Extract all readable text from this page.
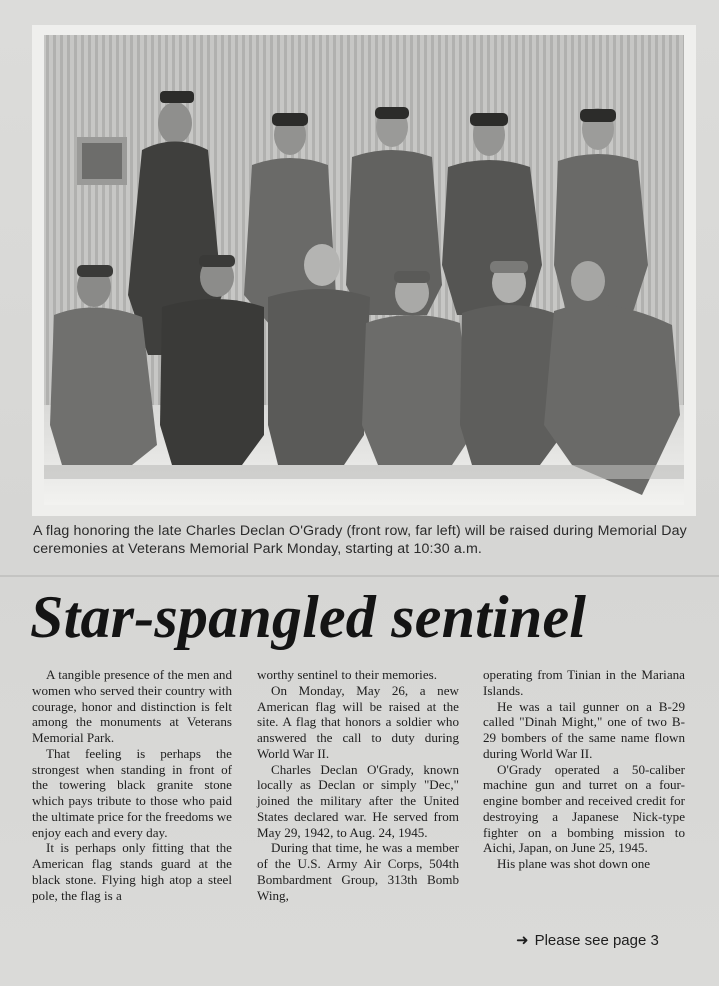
A flag honoring the late Charles Declan O'Grady (front row, far left) will be raised during Memorial Day ceremonies at Veterans Memorial Park Monday, starting at 10:30 a.m.
Star-spangled sentinel

A tangible presence of the men and women who served their country with courage, honor and distinction is felt among the monuments at Veterans Memorial Park.

That feeling is perhaps the strongest when standing in front of the towering black granite stone which pays tribute to those who paid the ultimate price for the freedoms we enjoy each and every day.

It is perhaps only fitting that the American flag stands guard at the black stone. Flying high atop a steel pole, the flag is a

worthy sentinel to their memories.

On Monday, May 26, a new American flag will be raised at the site. A flag that honors a soldier who answered the call to duty during World War II.

Charles Declan O'Grady, known locally as Declan or simply "Dec," joined the military after the United States declared war. He served from May 29, 1942, to Aug. 24, 1945.

During that time, he was a member of the U.S. Army Air Corps, 504th Bombardment Group, 313th Bomb Wing,

operating from Tinian in the Mariana Islands.

He was a tail gunner on a B-29 called "Dinah Might," one of two B-29 bombers of the same name flown during World War II.

O'Grady operated a 50-caliber machine gun and turret on a four-engine bomber and received credit for destroying a Japanese Nick-type fighter on a bombing mission to Aichi, Japan, on June 25, 1945.

His plane was shot down one

➜ Please see page 3
